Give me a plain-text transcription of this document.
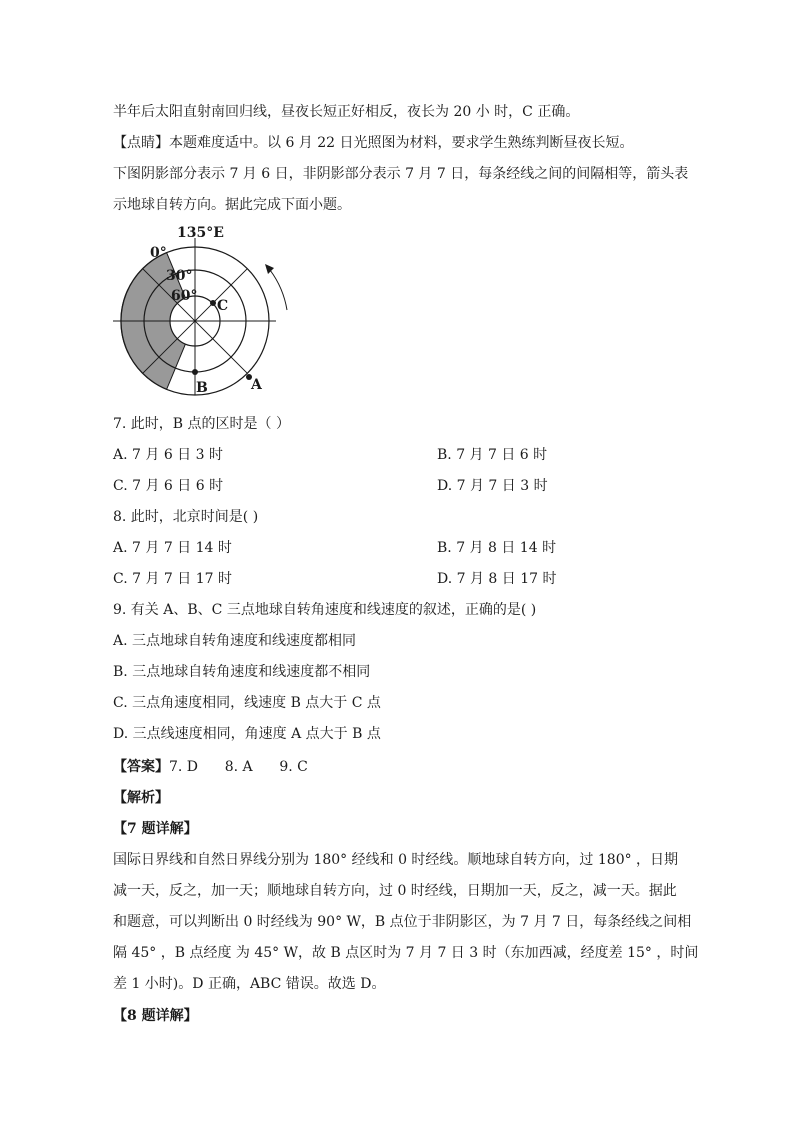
半年后太阳直射南回归线，昼夜长短正好相反，夜长为 20 小 时，C 正确。
【点睛】本题难度适中。以 6 月 22 日光照图为材料，要求学生熟练判断昼夜长短。
下图阴影部分表示 7 月 6 日，非阴影部分表示 7 月 7 日，每条经线之间的间隔相等，箭头表
示地球自转方向。据此完成下面小题。
135°E
0°
30°
60°
C
B	A
7. 此时，B 点的区时是（ ）
A. 7 月 6 日 3 时	B. 7 月 7 日 6 时
C. 7 月 6 日 6 时	D. 7 月 7 日 3 时
8. 此时，北京时间是( )
A. 7 月 7 日 14 时	B. 7 月 8 日 14 时
C. 7 月 7 日 17 时	D. 7 月 8 日 17 时
9. 有关 A、B、C 三点地球自转角速度和线速度的叙述，正确的是( )
A. 三点地球自转角速度和线速度都相同
B. 三点地球自转角速度和线速度都不相同
C. 三点角速度相同，线速度 B 点大于 C 点
D. 三点线速度相同，角速度 A 点大于 B 点
【答案】7. D      8. A      9. C
【解析】
【7 题详解】
国际日界线和自然日界线分别为 180° 经线和 0 时经线。顺地球自转方向，过 180° ，日期
减一天，反之，加一天；顺地球自转方向，过 0 时经线，日期加一天，反之，减一天。据此
和题意，可以判断出 0 时经线为 90° W，B 点位于非阴影区，为 7 月 7 日，每条经线之间相
隔 45° ，B 点经度 为 45° W，故 B 点区时为 7 月 7 日 3 时（东加西减，经度差 15° ，时间
差 1 小时)。D 正确，ABC 错误。故选 D。
【8 题详解】
